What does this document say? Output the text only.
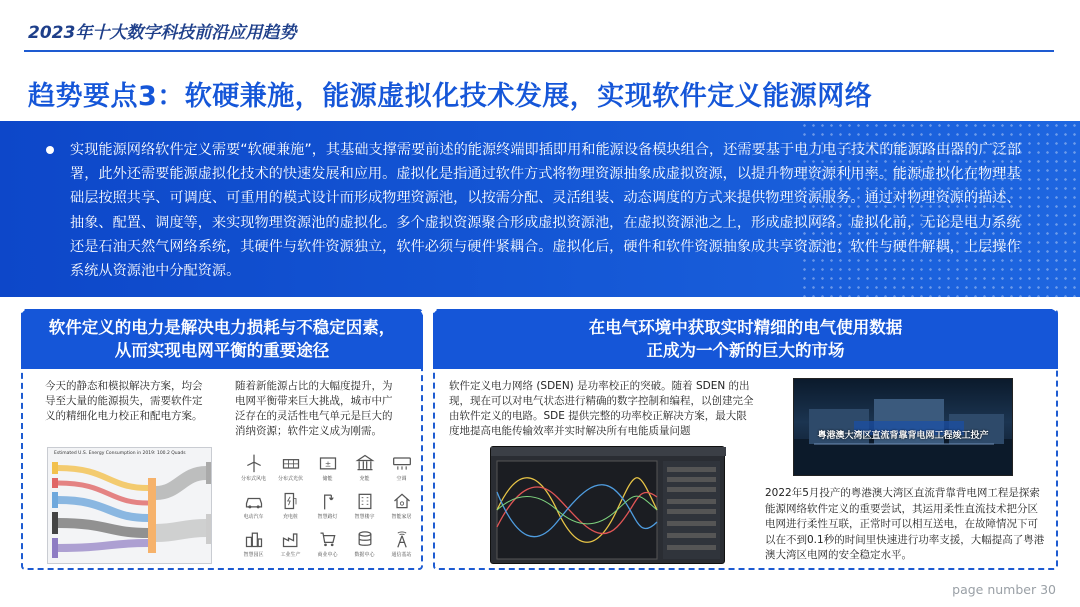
2023年十大数字科技前沿应用趋势
趋势要点3：软硬兼施，能源虚拟化技术发展，实现软件定义能源网络
实现能源网络软件定义需要“软硬兼施”，其基础支撑需要前述的能源终端即插即用和能源设备模块组合，还需要基于电力电子技术的能源路由器的广泛部署，此外还需要能源虚拟化技术的快速发展和应用。虚拟化是指通过软件方式将物理资源抽象成虚拟资源，以提升物理资源利用率。能源虚拟化在物理基础层按照共享、可调度、可重用的模式设计而形成物理资源池，以按需分配、灵活组装、动态调度的方式来提供物理资源服务。通过对物理资源的描述、抽象、配置、调度等，来实现物理资源池的虚拟化。多个虚拟资源聚合形成虚拟资源池，在虚拟资源池之上，形成虚拟网络。虚拟化前，无论是电力系统还是石油天然气网络系统，其硬件与软件资源独立，软件必须与硬件紧耦合。虚拟化后，硬件和软件资源抽象成共享资源池；软件与硬件解耦，上层操作系统从资源池中分配资源。
软件定义的电力是解决电力损耗与不稳定因素，
从而实现电网平衡的重要途径
今天的静态和模拟解决方案，均会导至大量的能源损失，需要软件定义的精细化电力校正和配电方案。
随着新能源占比的大幅度提升，为电网平衡带来巨大挑战，城市中广泛存在的灵活性电气单元是巨大的消纳资源；软件定义成为刚需。
Estimated U.S. Energy Consumption in 2019: 100.2 Quads
分布式风电 分布式光伏
±
储能	充能	空调
电动汽车	充电桩	智慧路灯	智慧楼宇	智能家居
智慧园区	工业生产	商业中心	数据中心	通信基站
在电气环境中获取实时精细的电气使用数据
正成为一个新的巨大的市场
软件定义电力网络 (SDEN) 是功率校正的突破。随着 SDEN 的出现，现在可以对电气状态进行精确的数字控制和编程，以创建完全由软件定义的电路。SDE 提供完整的功率校正解决方案，最大限度地提高电能传输效率并实时解决所有电能质量问题	粤港澳大湾区直流背靠背电网工程竣工投产
2022年5月投产的粤港澳大湾区直流背靠背电网工程是探索能源网络软件定义的重要尝试，其运用柔性直流技术把分区电网进行柔性互联，正常时可以相互送电，在故障情况下可以在不到0.1秒的时间里快速进行功率支援，大幅提高了粤港澳大湾区电网的安全稳定水平。
page number 30
